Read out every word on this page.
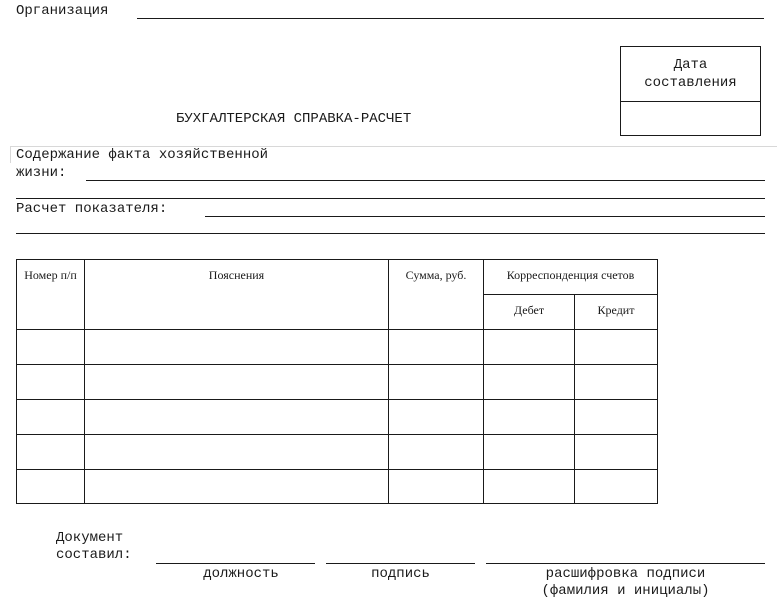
Организация
Дата
составления
БУХГАЛТЕРСКАЯ СПРАВКА-РАСЧЕТ
Содержание факта хозяйственной
жизни:
Расчет показателя:
Номер п/п	Пояснения	Сумма, руб.	Корреспонденция счетов	
			Дебет	Кредит

Документ
составил:
должность	подпись	расшифровка подписи
(фамилия и инициалы)
